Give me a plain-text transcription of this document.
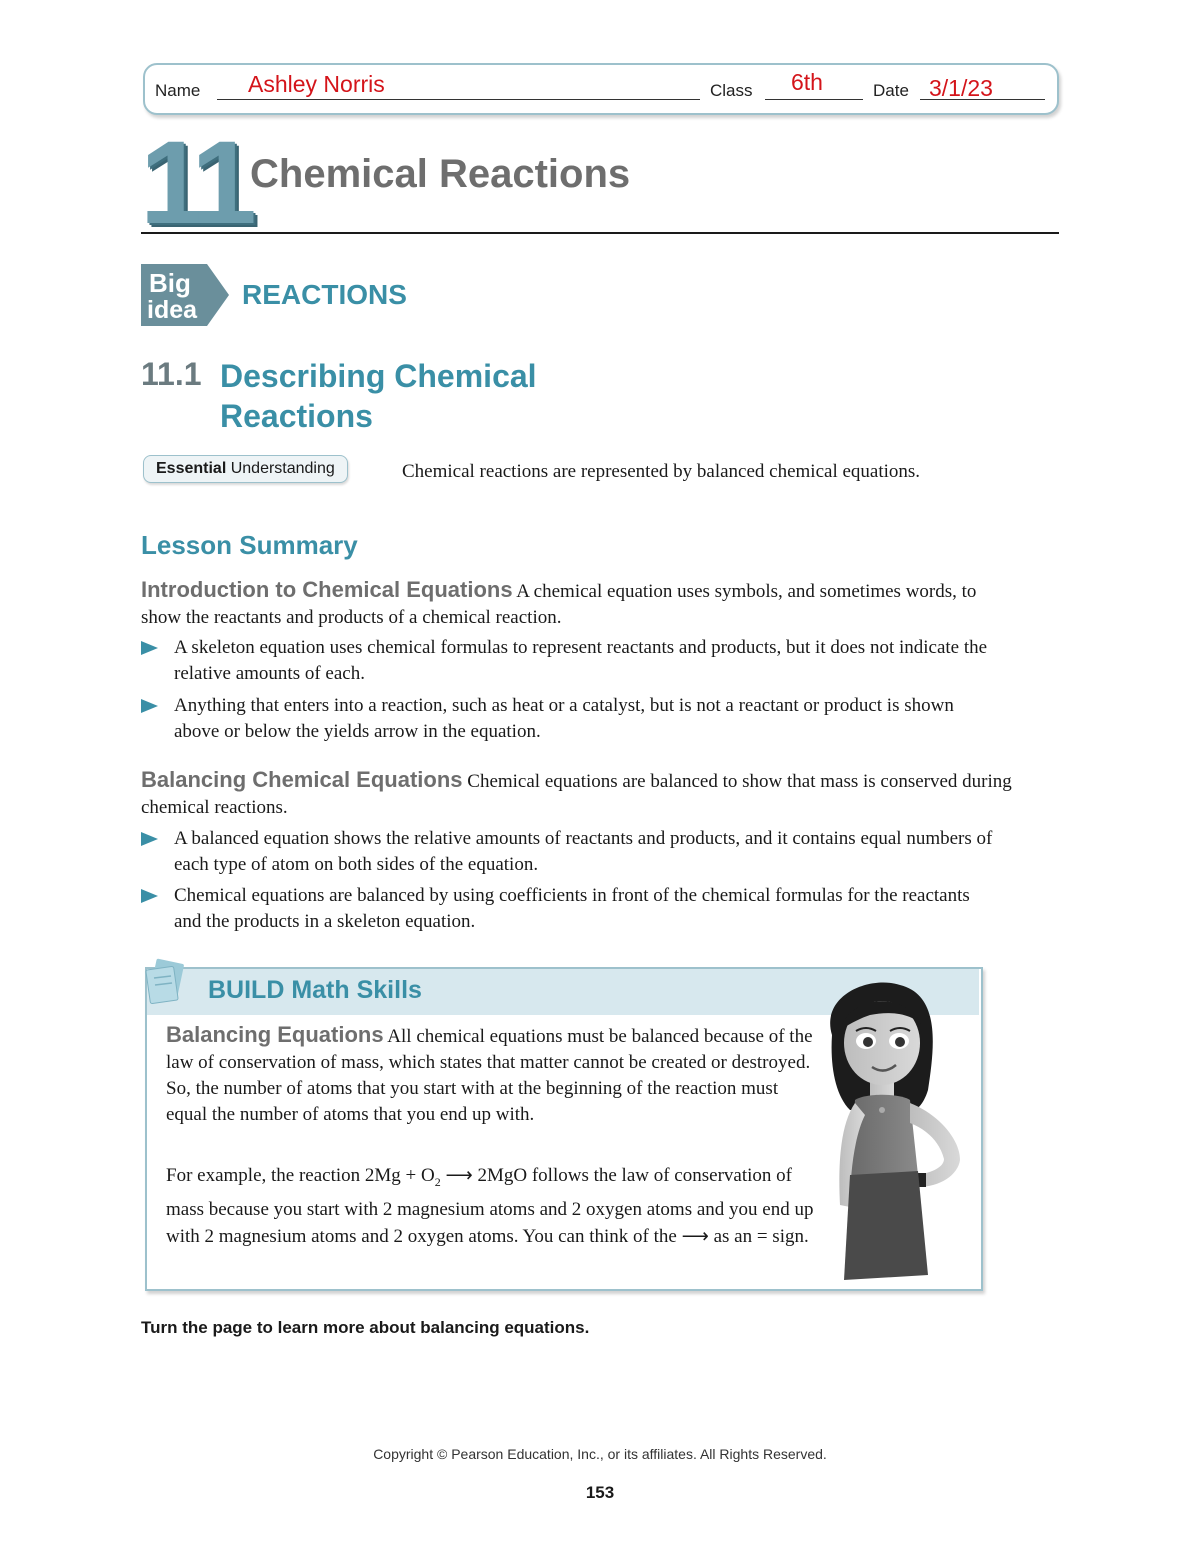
Name Ashley Norris	Class 6th	Date 3/1/23
11 Chemical Reactions
Big
idea REACTIONS
11.1 Describing Chemical Reactions
Chemical reactions are represented by balanced chemical equations.
Essential Understanding
Lesson Summary
Introduction to Chemical Equations A chemical equation uses symbols, and sometimes words, to show the reactants and products of a chemical reaction.
A skeleton equation uses chemical formulas to represent reactants and products, but it does not indicate the relative amounts of each.
Anything that enters into a reaction, such as heat or a catalyst, but is not a reactant or product is shown above or below the yields arrow in the equation.
Balancing Chemical Equations Chemical equations are balanced to show that mass is conserved during chemical reactions.
A balanced equation shows the relative amounts of reactants and products, and it contains equal numbers of each type of atom on both sides of the equation.
Chemical equations are balanced by using coefficients in front of the chemical formulas for the reactants and the products in a skeleton equation.
BUILD Math Skills
Balancing Equations All chemical equations must be balanced because of the law of conservation of mass, which states that matter cannot be created or destroyed. So, the number of atoms that you start with at the beginning of the reaction must equal the number of atoms that you end up with.
For example, the reaction $2Mg + O_2$ ⟶ 2MgO follows the law of conservation of mass because you start with 2 magnesium atoms and 2 oxygen atoms and you end up with 2 magnesium atoms and 2 oxygen atoms. You can think of the ⟶ as an = sign.
Turn the page to learn more about balancing equations.
Copyright © Pearson Education, Inc., or its affiliates. All Rights Reserved.
153
